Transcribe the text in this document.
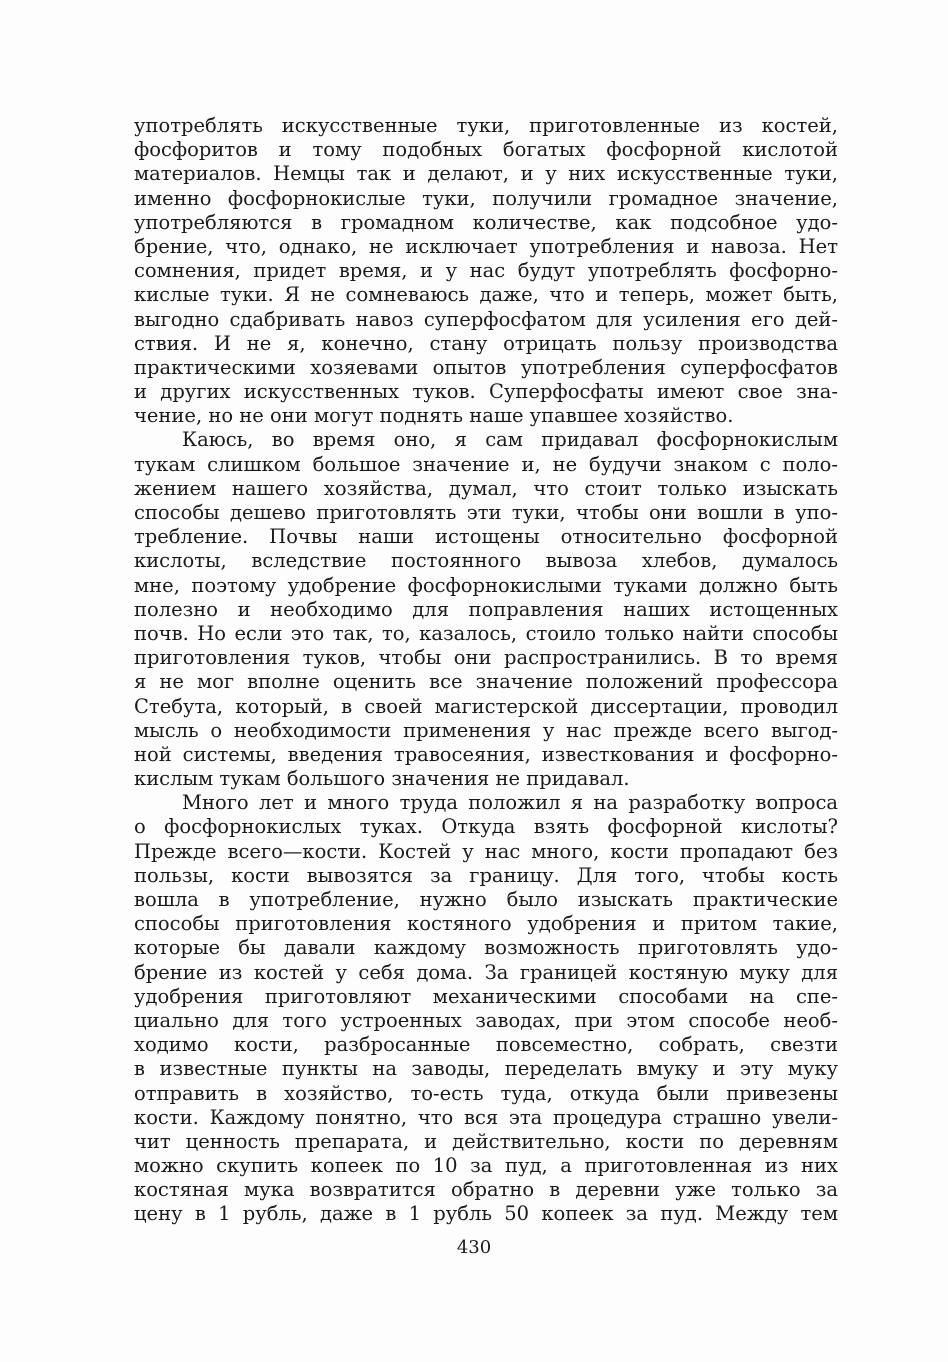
употреблять искусственные туки, приготовленные из костей,
фосфоритов и тому подобных богатых фосфорной кислотой
материалов. Немцы так и делают, и у них искусственные туки,
именно фосфорнокислые туки, получили громадное значение,
употребляются в громадном количестве, как подсобное удо-
брение, что, однако, не исключает употребления и навоза. Нет
сомнения, придет время, и у нас будут употреблять фосфорно-
кислые туки. Я не сомневаюсь даже, что и теперь, может быть,
выгодно сдабривать навоз суперфосфатом для усиления его дей-
ствия. И не я, конечно, стану отрицать пользу производства
практическими хозяевами опытов употребления суперфосфатов
и других искусственных туков. Суперфосфаты имеют свое зна-
чение, но не они могут поднять наше упавшее хозяйство.
Каюсь, во время оно, я сам придавал фосфорнокислым
тукам слишком большое значение и, не будучи знаком с поло-
жением нашего хозяйства, думал, что стоит только изыскать
способы дешево приготовлять эти туки, чтобы они вошли в упо-
требление. Почвы наши истощены относительно фосфорной
кислоты, вследствие постоянного вывоза хлебов, думалось
мне, поэтому удобрение фосфорнокислыми туками должно быть
полезно и необходимо для поправления наших истощенных
почв. Но если это так, то, казалось, стоило только найти способы
приготовления туков, чтобы они распространились. В то время
я не мог вполне оценить все значение положений профессора
Стебута, который, в своей магистерской диссертации, проводил
мысль о необходимости применения у нас прежде всего выгод-
ной системы, введения травосеяния, известкования и фосфорно-
кислым тукам большого значения не придавал.
Много лет и много труда положил я на разработку вопроса
о фосфорнокислых туках. Откуда взять фосфорной кислоты?
Прежде всего—кости. Костей у нас много, кости пропадают без
пользы, кости вывозятся за границу. Для того, чтобы кость
вошла в употребление, нужно было изыскать практические
способы приготовления костяного удобрения и притом такие,
которые бы давали каждому возможность приготовлять удо-
брение из костей у себя дома. За границей костяную муку для
удобрения приготовляют механическими способами на спе-
циально для того устроенных заводах, при этом способе необ-
ходимо кости, разбросанные повсеместно, собрать, свезти
в известные пункты на заводы, переделать вмуку и эту муку
отправить в хозяйство, то-есть туда, откуда были привезены
кости. Каждому понятно, что вся эта процедура страшно увели-
чит ценность препарата, и действительно, кости по деревням
можно скупить копеек по 10 за пуд, а приготовленная из них
костяная мука возвратится обратно в деревни уже только за
цену в 1 рубль, даже в 1 рубль 50 копеек за пуд. Между тем
430
